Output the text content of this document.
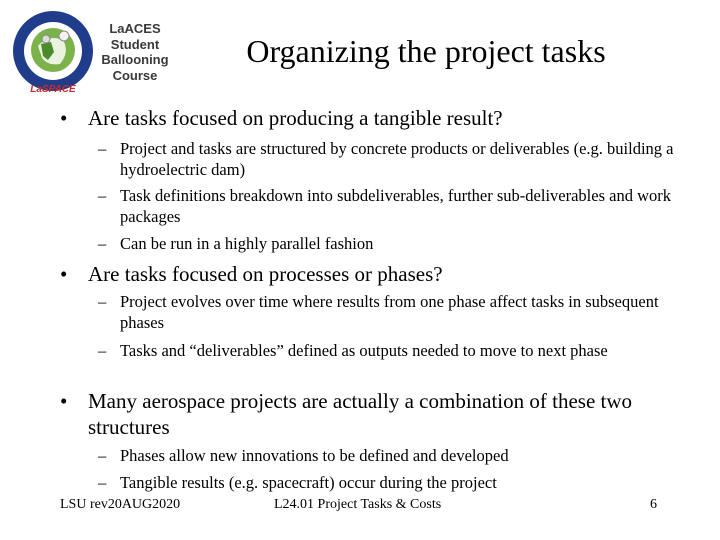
LaSPACE
LaACES
Student
Ballooning
Course
Organizing the project tasks
• Are tasks focused on producing a tangible result?
– Project and tasks are structured by concrete products or deliverables (e.g. building a hydroelectric dam)
– Task definitions breakdown into subdeliverables, further sub-deliverables and work packages
– Can be run in a highly parallel fashion
• Are tasks focused on processes or phases?
– Project evolves over time where results from one phase affect tasks in subsequent phases
– Tasks and “deliverables” defined as outputs needed to move to next phase
• Many aerospace projects are actually a combination of these two structures
– Phases allow new innovations to be defined and developed
– Tangible results (e.g. spacecraft) occur during the project
LSU rev20AUG2020	L24.01 Project Tasks & Costs	6
